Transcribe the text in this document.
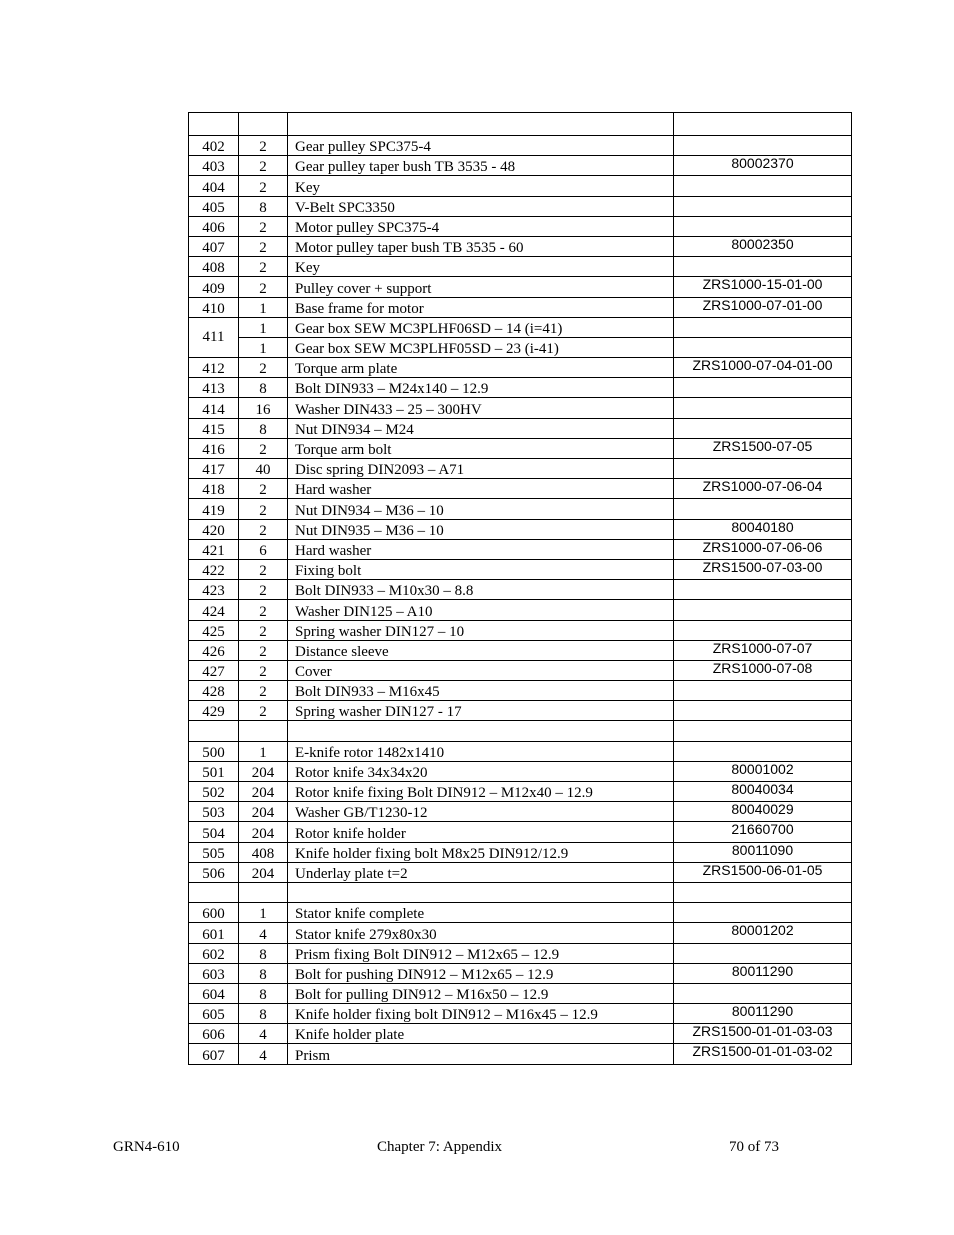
402	2	Gear pulley SPC375-4	
403	2	Gear pulley taper bush TB 3535 - 48	80002370
404	2	Key	
405	8	V-Belt SPC3350	
406	2	Motor pulley SPC375-4	
407	2	Motor pulley taper bush TB 3535 - 60	80002350
408	2	Key	
409	2	Pulley cover + support	ZRS1000-15-01-00
410	1	Base frame for motor	ZRS1000-07-01-00
411	1	Gear box SEW MC3PLHF06SD – 14 (i=41)	
	1	Gear box SEW MC3PLHF05SD – 23 (i-41)	
412	2	Torque arm plate	ZRS1000-07-04-01-00
413	8	Bolt DIN933 – M24x140 – 12.9	
414	16	Washer DIN433 – 25 – 300HV	
415	8	Nut DIN934 – M24	
416	2	Torque arm bolt	ZRS1500-07-05
417	40	Disc spring DIN2093 – A71	
418	2	Hard washer	ZRS1000-07-06-04
419	2	Nut DIN934 – M36 – 10	
420	2	Nut DIN935 – M36 – 10	80040180
421	6	Hard washer	ZRS1000-07-06-06
422	2	Fixing bolt	ZRS1500-07-03-00
423	2	Bolt DIN933 – M10x30 – 8.8	
424	2	Washer DIN125 – A10	
425	2	Spring washer DIN127 – 10	
426	2	Distance sleeve	ZRS1000-07-07
427	2	Cover	ZRS1000-07-08
428	2	Bolt DIN933 – M16x45	
429	2	Spring washer DIN127 - 17	

500	1	E-knife rotor 1482x1410	
501	204	Rotor knife 34x34x20	80001002
502	204	Rotor knife fixing Bolt DIN912 – M12x40 – 12.9	80040034
503	204	Washer GB/T1230-12	80040029
504	204	Rotor knife holder	21660700
505	408	Knife holder fixing bolt M8x25 DIN912/12.9	80011090
506	204	Underlay plate t=2	ZRS1500-06-01-05

600	1	Stator knife complete	
601	4	Stator knife 279x80x30	80001202
602	8	Prism fixing Bolt DIN912 – M12x65 – 12.9	
603	8	Bolt for pushing DIN912 – M12x65 – 12.9	80011290
604	8	Bolt for pulling DIN912 – M16x50 – 12.9	
605	8	Knife holder fixing bolt DIN912 – M16x45 – 12.9	80011290
606	4	Knife holder plate	ZRS1500-01-01-03-03
607	4	Prism	ZRS1500-01-01-03-02
GRN4-610	Chapter 7: Appendix	70 of 73
